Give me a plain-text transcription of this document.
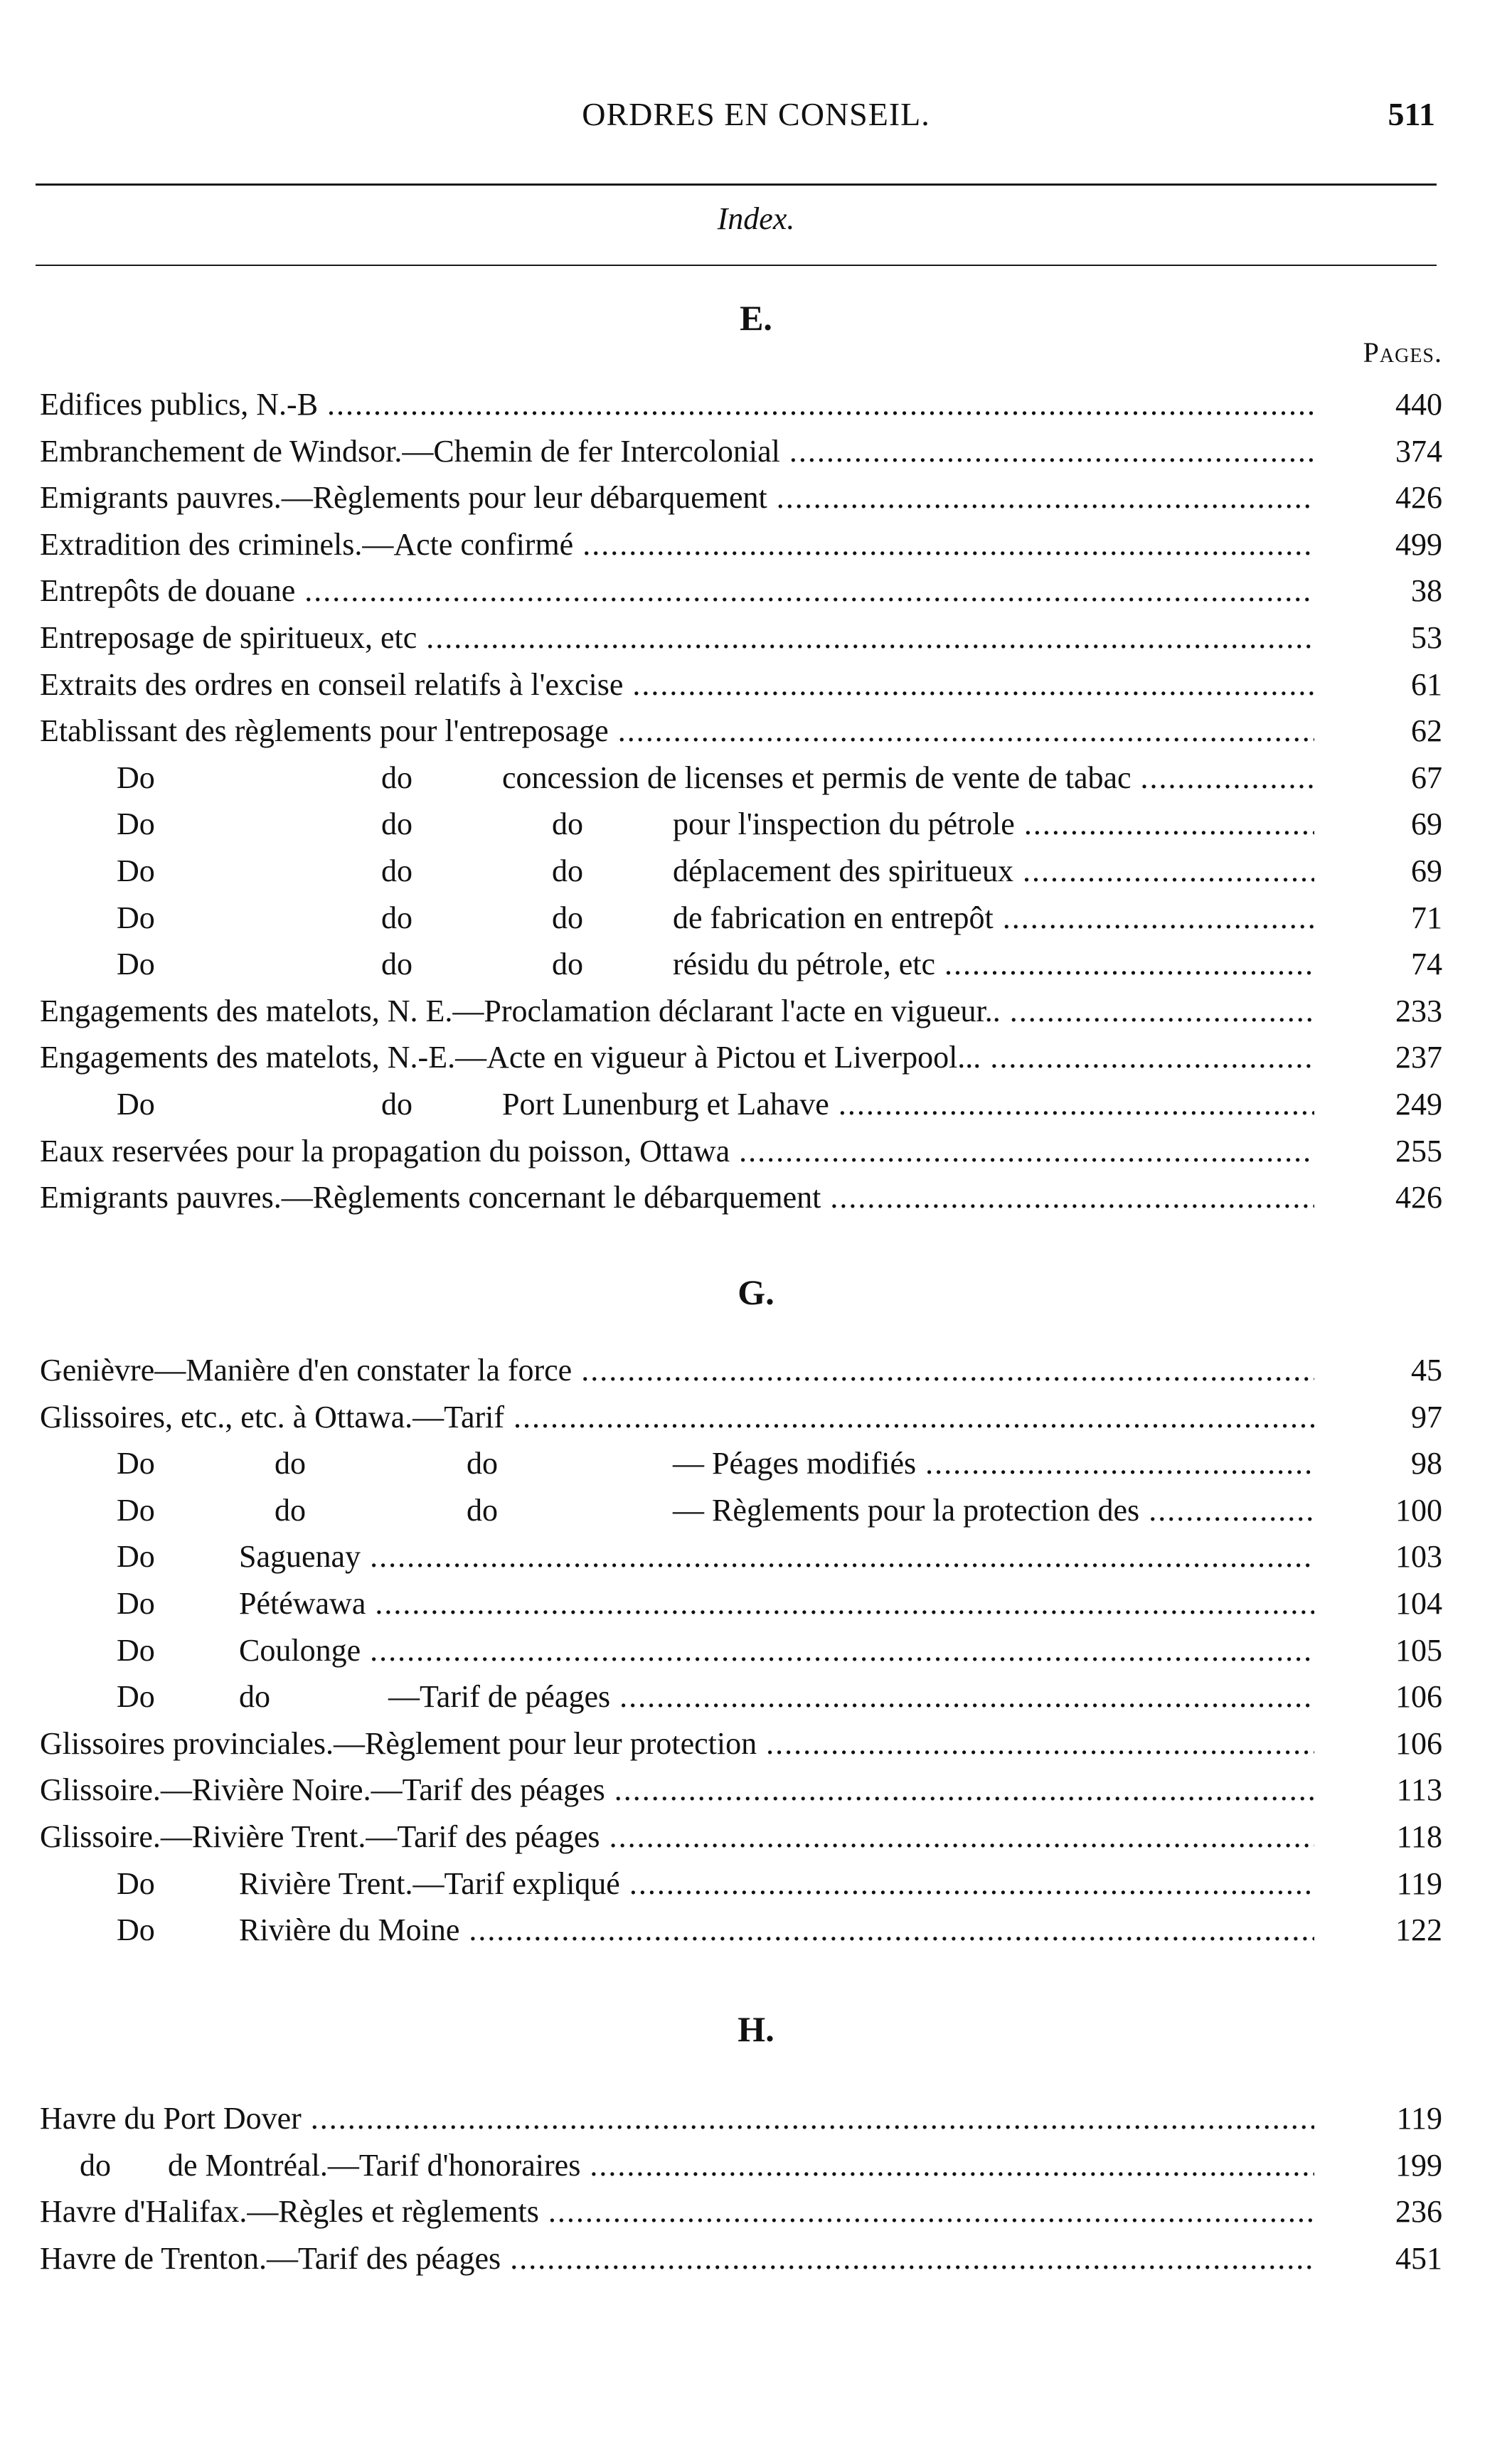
ORDRES EN CONSEIL.	511
Index.
Pages.
E.
Edifices publics, N.-B .....	440
Embranchement de Windsor.—Chemin de fer Intercolonial .....	374
Emigrants pauvres.—Règlements pour leur débarquement .....	426
Extradition des criminels.—Acte confirmé .....	499
Entrepôts de douane .....	38
Entreposage de spiritueux, etc .....	53
Extraits des ordres en conseil relatifs à l'excise .....	61
Etablissant des règlements pour l'entreposage .....	62
Do	do	concession de licenses et permis de vente de tabac .....	67
Do	do	do	pour l'inspection du pétrole .....	69
Do	do	do	déplacement des spiritueux .....	69
Do	do	do	de fabrication en entrepôt .....	71
Do	do	do	résidu du pétrole, etc .....	74
Engagements des matelots, N. E.—Proclamation déclarant l'acte en vigueur.. .....	233
Engagements des matelots, N.-E.—Acte en vigueur à Pictou et Liverpool... .....	237
Do	do	Port Lunenburg et Lahave .....	249
Eaux reservées pour la propagation du poisson, Ottawa .....	255
Emigrants pauvres.—Règlements concernant le débarquement .....	426
G.
Genièvre—Manière d'en constater la force .....	45
Glissoires, etc., etc. à Ottawa.—Tarif .....	97
Do	do	do	— Péages modifiés .....	98
Do	do	do	— Règlements pour la protection des .....	100
Do	Saguenay .....	103
Do	Pétéwawa .....	104
Do	Coulonge .....	105
Do	do	—Tarif de péages .....	106
Glissoires provinciales.—Règlement pour leur protection .....	106
Glissoire.—Rivière Noire.—Tarif des péages .....	113
Glissoire.—Rivière Trent.—Tarif des péages .....	118
Do	Rivière Trent.—Tarif expliqué .....	119
Do	Rivière du Moine .....	122
H.
Havre du Port Dover .....	119
do de Montréal.—Tarif d'honoraires .....	199
Havre d'Halifax.—Règles et règlements .....	236
Havre de Trenton.—Tarif des péages .....	451
